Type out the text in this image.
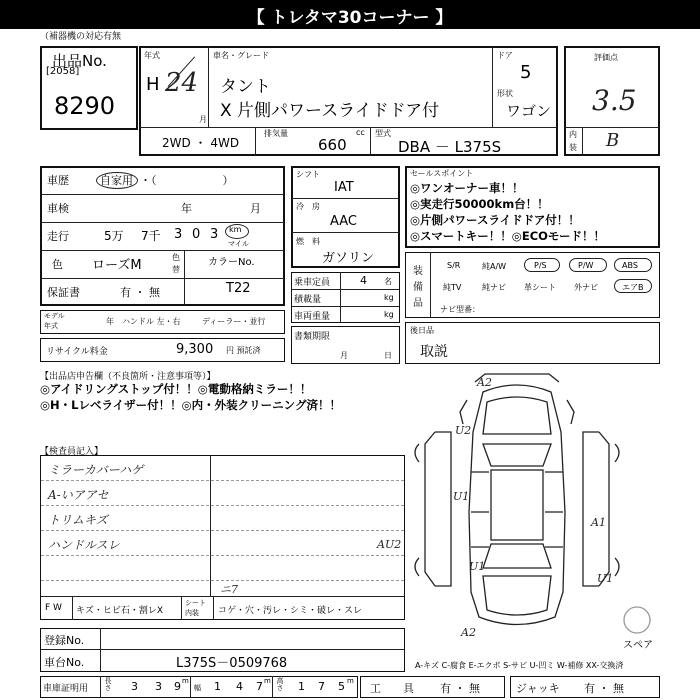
【 トレタマ30コーナー 】
（補器機の対応有無
出品No.
[2058]
8290
年式
H 24
月
車名・グレード
タント
X 片側パワースライドドア付
ドア
5
形状
ワゴン
2WD ・ 4WD
排気量	cc
660
型式
DBA － L375S
評価点
3.5
内
装 B
車歴	自家用 ・（　　　　　　）
車検	年	月
走行	5万 7千 3 0 3 km
マイル
色 ローズM
色
替
カラーNo.
T22
保証書	有 ・ 無
モデル
年式	年 ハンドル 左・右	ディーラー・並行
リサイクル料金	9,300 円 預託済
シフト
IAT
冷　房
AAC
燃　料
ガソリン
乗車定員	4 名
積載量	kg
車両重量	kg
書類期限
月	日
セールスポイント
◎ワンオーナー車！！
◎実走行50000km台！！
◎片側パワースライドドア付！！
◎スマートキー！！◎ECOモード！！
装
備
品
S/R	純A/W	P/S	P/W	ABS
純TV	純ナビ 革シート 外ナビ	エアB
ナビ型番：
後日品
取説
【出品店申告欄（不良箇所・注意事項等）】
◎アイドリングストップ付！！◎電動格納ミラー！！
◎H・Lレベライザー付！！◎内・外装クリーニング済！！
【検査員記入】
ミラーカバーハゲ
A-いアアセ
トリムキズ
ハンドルスレ
ニ7
F W キズ・ヒビ石・割レX
シート
内装 コゲ・穴・汚レ・シミ・破レ・スレ
A2
U2
U1
A1
U1
AU2
U1
A2
スペア
登録No.
車台No.	L375S－0509768	A-キズ C-腐食 E-エクボ S-サビ U-凹ミ W-補修 XX-交換済
車庫証明用 長さ 3 3 9 m
幅 1 4 7 m 高さ 1 7 5 m
工　　具 有 ・ 無	ジャッキ 有 ・ 無
